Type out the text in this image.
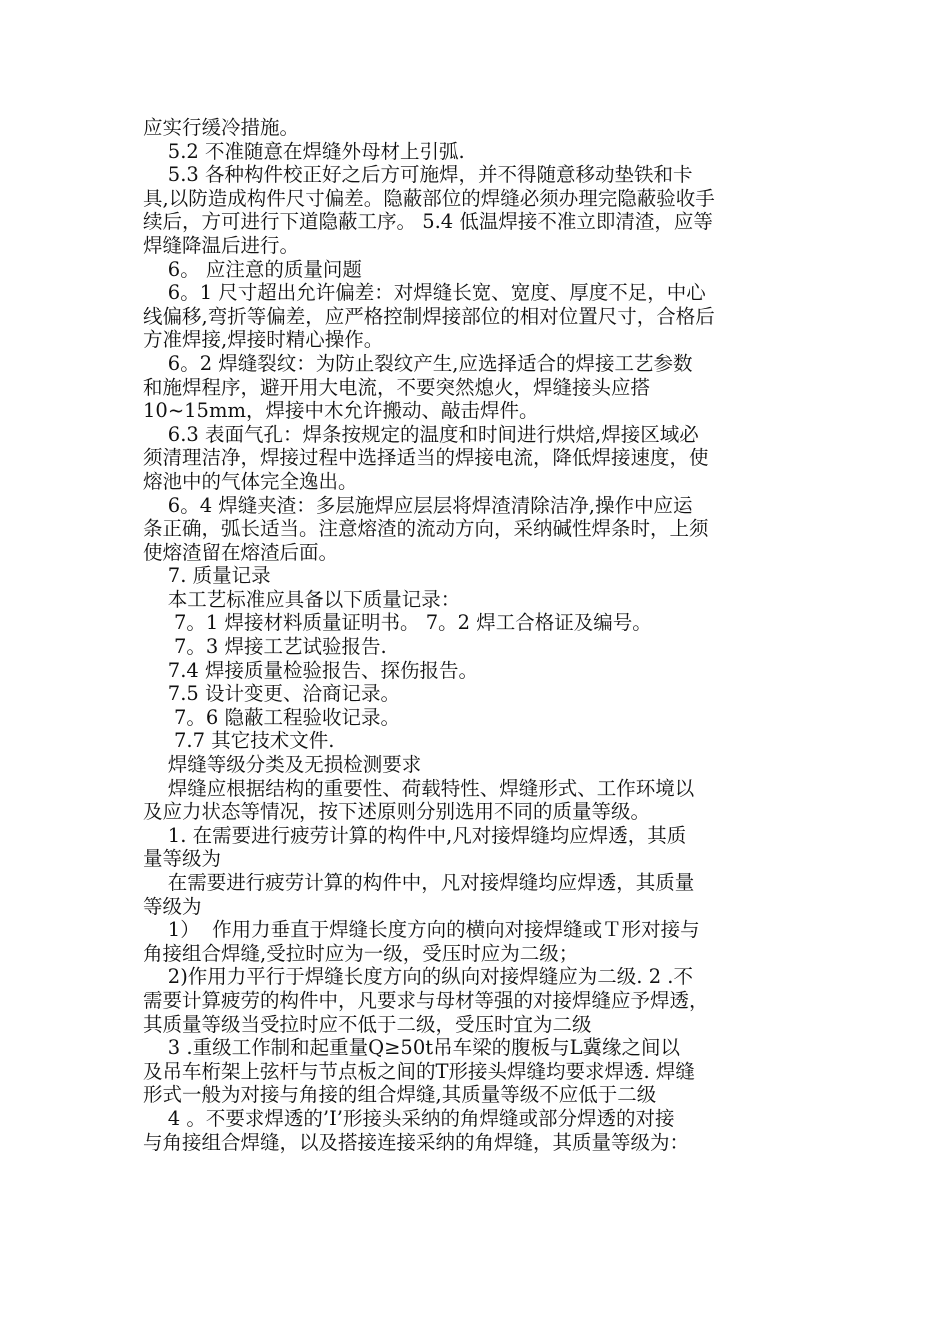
应实行缓冷措施。
5.2 不准随意在焊缝外母材上引弧.
5.3 各种构件校正好之后方可施焊，并不得随意移动垫铁和卡
具,以防造成构件尺寸偏差。隐蔽部位的焊缝必须办理完隐蔽验收手
续后，方可进行下道隐蔽工序。 5.4 低温焊接不准立即清渣，应等
焊缝降温后进行。
6。 应注意的质量问题
6。1 尺寸超出允许偏差：对焊缝长宽、宽度、厚度不足，中心
线偏移,弯折等偏差，应严格控制焊接部位的相对位置尺寸，合格后
方准焊接,焊接时精心操作。
6。2 焊缝裂纹：为防止裂纹产生,应选择适合的焊接工艺参数
和施焊程序，避开用大电流，不要突然熄火，焊缝接头应搭
10~15mm，焊接中木允许搬动、敲击焊件。
6.3 表面气孔：焊条按规定的温度和时间进行烘焙,焊接区域必
须清理洁净，焊接过程中选择适当的焊接电流，降低焊接速度，使
熔池中的气体完全逸出。
6。4 焊缝夹渣：多层施焊应层层将焊渣清除洁净,操作中应运
条正确，弧长适当。注意熔渣的流动方向，采纳碱性焊条时，上须
使熔渣留在熔渣后面。
7. 质量记录
本工艺标准应具备以下质量记录：
7。1 焊接材料质量证明书。 7。2 焊工合格证及编号。
7。3 焊接工艺试验报告.
7.4 焊接质量检验报告、探伤报告。
7.5 设计变更、洽商记录。
7。6 隐蔽工程验收记录。
7.7 其它技术文件.
焊缝等级分类及无损检测要求
焊缝应根据结构的重要性、荷载特性、焊缝形式、工作环境以
及应力状态等情况，按下述原则分别选用不同的质量等级。
1. 在需要进行疲劳计算的构件中,凡对接焊缝均应焊透，其质
量等级为
在需要进行疲劳计算的构件中，凡对接焊缝均应焊透，其质量
等级为
1）  作用力垂直于焊缝长度方向的横向对接焊缝或Ｔ形对接与
角接组合焊缝,受拉时应为一级，受压时应为二级；
2)作用力平行于焊缝长度方向的纵向对接焊缝应为二级. 2 .不
需要计算疲劳的构件中，凡要求与母材等强的对接焊缝应予焊透，
其质量等级当受拉时应不低于二级，受压时宜为二级
3 .重级工作制和起重量Q≥50t吊车梁的腹板与L冀缘之间以
及吊车桁架上弦杆与节点板之间的T形接头焊缝均要求焊透. 焊缝
形式一般为对接与角接的组合焊缝,其质量等级不应低于二级
4 。不要求焊透的’I’形接头采纳的角焊缝或部分焊透的对接
与角接组合焊缝，以及搭接连接采纳的角焊缝，其质量等级为：
